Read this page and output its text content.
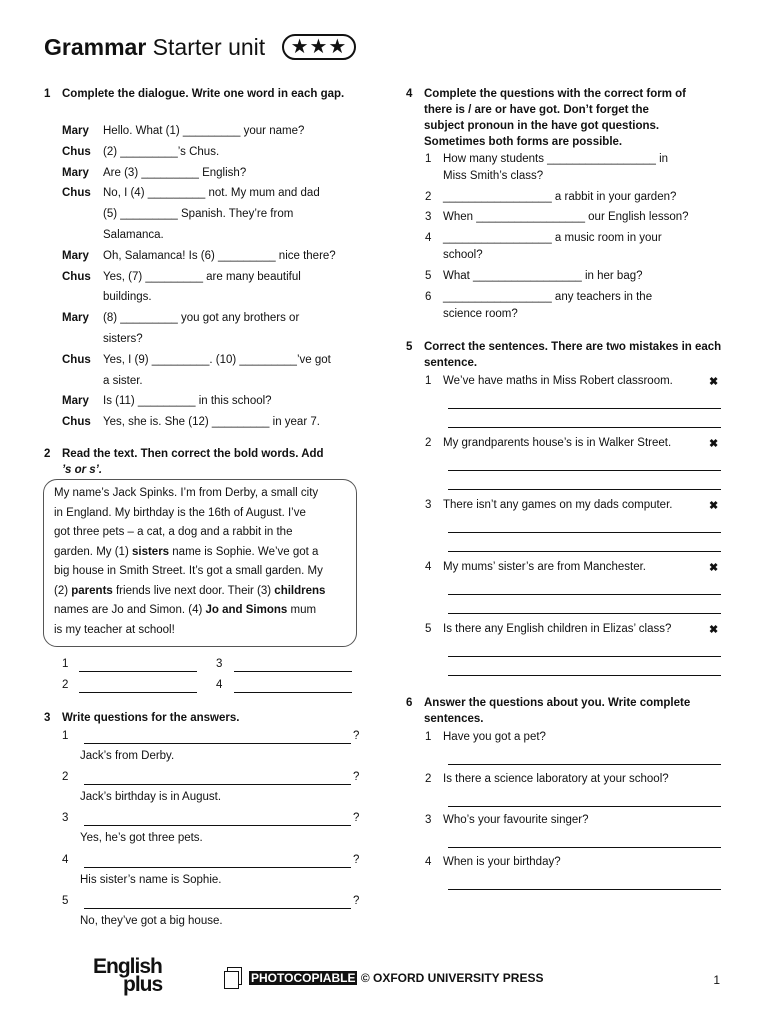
Grammar Starter unit ★★★
1 Complete the dialogue. Write one word in each gap.
Mary Hello. What (1) _________ your name?
Chus (2) _________’s Chus.
Mary Are (3) _________ English?
Chus No, I (4) _________ not. My mum and dad
(5) _________ Spanish. They’re from
Salamanca.
Mary Oh, Salamanca! Is (6) _________ nice there?
Chus Yes, (7) _________ are many beautiful
buildings.
Mary (8) _________ you got any brothers or
sisters?
Chus Yes, I (9) _________. (10) _________’ve got
a sister.
Mary Is (11) _________ in this school?
Chus Yes, she is. She (12) _________ in year 7.
2 Read the text. Then correct the bold words. Add
’s or s’.
My name’s Jack Spinks. I’m from Derby, a small city
in England. My birthday is the 16th of August. I’ve
got three pets – a cat, a dog and a rabbit in the
garden. My (1) sisters name is Sophie. We’ve got a
big house in Smith Street. It’s got a small garden. My
(2) parents friends live next door. Their (3) childrens
names are Jo and Simon. (4) Jo and Simons mum
is my teacher at school!
1	3
2	4
3 Write questions for the answers.
1	?
Jack’s from Derby.
2	?
Jack’s birthday is in August.
3	?
Yes, he’s got three pets.
4	?
His sister’s name is Sophie.
5	?
No, they’ve got a big house.
4 Complete the questions with the correct form of
there is / are or have got. Don’t forget the
subject pronoun in the have got questions.
Sometimes both forms are possible.
1 How many students _________________ in
Miss Smith’s class?
2 _________________ a rabbit in your garden?
3 When _________________ our English lesson?
4 _________________ a music room in your
school?
5 What _________________ in her bag?
6 _________________ any teachers in the
science room?
5 Correct the sentences. There are two mistakes in each sentence.
1 We’ve have maths in Miss Robert classroom.	✖
2 My grandparents house’s is in Walker Street.	✖
3 There isn’t any games on my dads computer.	✖
4 My mums’ sister’s are from Manchester.	✖
5 Is there any English children in Elizas’ class?	✖
6 Answer the questions about you. Write complete sentences.
1 Have you got a pet?
2 Is there a science laboratory at your school?
3 Who’s your favourite singer?
4 When is your birthday?
English
plus	PHOTOCOPIABLE © OXFORD UNIVERSITY PRESS	1
